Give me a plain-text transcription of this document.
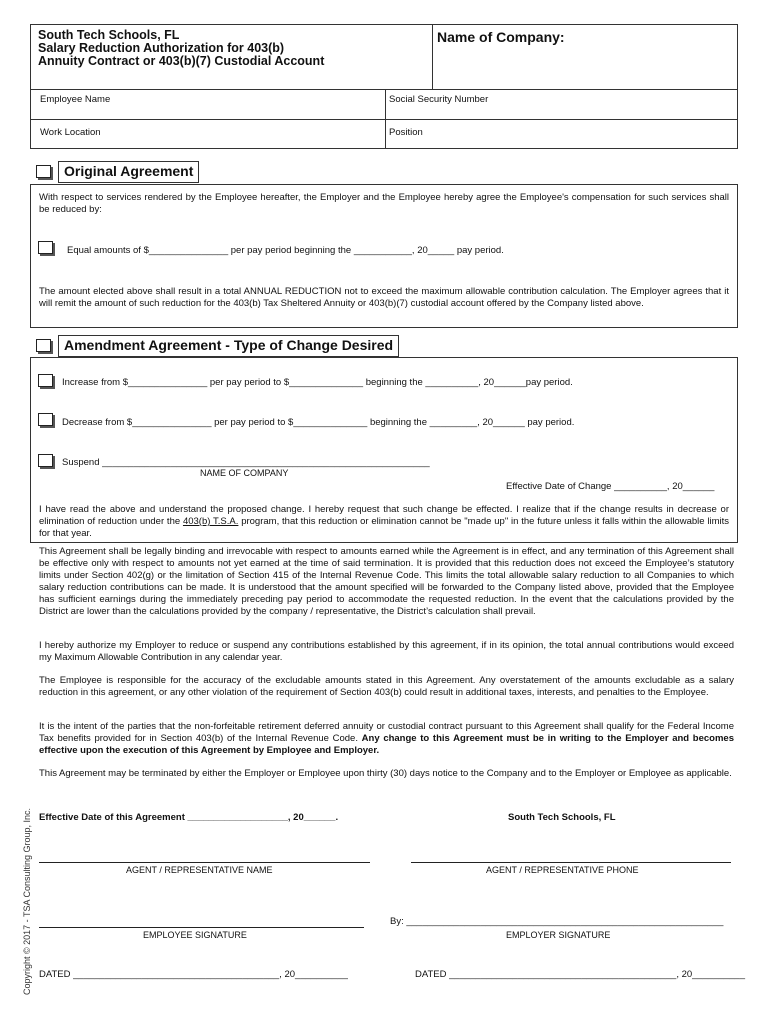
South Tech Schools, FL
Salary Reduction Authorization for 403(b)
Annuity Contract or 403(b)(7) Custodial Account
Name of Company:
Employee Name	Social Security Number
Work Location	Position
Original Agreement
With respect to services rendered by the Employee hereafter, the Employer and the Employee hereby agree the Employee's compensation for such services shall be reduced by:
Equal amounts of $_______________ per pay period beginning the ___________, 20_____ pay period.
The amount elected above shall result in a total ANNUAL REDUCTION not to exceed the maximum allowable contribution calculation. The Employer agrees that it will remit the amount of such reduction for the 403(b) Tax Sheltered Annuity or 403(b)(7) custodial account offered by the Company listed above.
Amendment Agreement - Type of Change Desired
Increase from $_______________ per pay period to $______________ beginning the __________, 20______pay period.
Decrease from $_______________ per pay period to $______________ beginning the _________, 20______ pay period.
Suspend ______________________________________________________________
NAME OF COMPANY
Effective Date of Change __________, 20______
I have read the above and understand the proposed change. I hereby request that such change be effected. I realize that if the change results in decrease or elimination of reduction under the 403(b) T.S.A. program, that this reduction or elimination cannot be "made up" in the future unless it falls within the allowable limits for that year.
This Agreement shall be legally binding and irrevocable with respect to amounts earned while the Agreement is in effect, and any termination of this Agreement shall be effective only with respect to amounts not yet earned at the time of said termination. It is provided that this reduction does not exceed the Employee’s statutory limits under Section 402(g) or the limitation of Section 415 of the Internal Revenue Code. This limits the total allowable salary reduction to all Companies to which salary reduction contributions can be made. It is understood that the amount specified will be forwarded to the Company listed above, provided that the Employee has sufficient earnings during the immediately preceding pay period to accommodate the requested reduction. In the event that the calculations provided by the District are lower than the calculations provided by the company / representative, the District’s calculation shall prevail.
I hereby authorize my Employer to reduce or suspend any contributions established by this agreement, if in its opinion, the total annual contributions would exceed my Maximum Allowable Contribution in any calendar year.
The Employee is responsible for the accuracy of the excludable amounts stated in this Agreement. Any overstatement of the amounts excludable as a salary reduction in this agreement, or any other violation of the requirement of Section 403(b) could result in additional taxes, interests, and penalties to the Employee.
It is the intent of the parties that the non-forfeitable retirement deferred annuity or custodial contract pursuant to this Agreement shall qualify for the Federal Income Tax benefits provided for in Section 403(b) of the Internal Revenue Code. Any change to this Agreement must be in writing to the Employer and becomes effective upon the execution of this Agreement by Employee and Employer.
This Agreement may be terminated by either the Employer or Employee upon thirty (30) days notice to the Company and to the Employer or Employee as applicable.
Effective Date of this Agreement ___________________, 20______.	South Tech Schools, FL
AGENT / REPRESENTATIVE NAME	AGENT / REPRESENTATIVE PHONE
EMPLOYEE SIGNATURE
By: ____________________________________________________________
EMPLOYER SIGNATURE
DATED _______________________________________, 20__________	DATED ___________________________________________, 20__________
Copyright © 2017 - TSA Consulting Group, Inc.
